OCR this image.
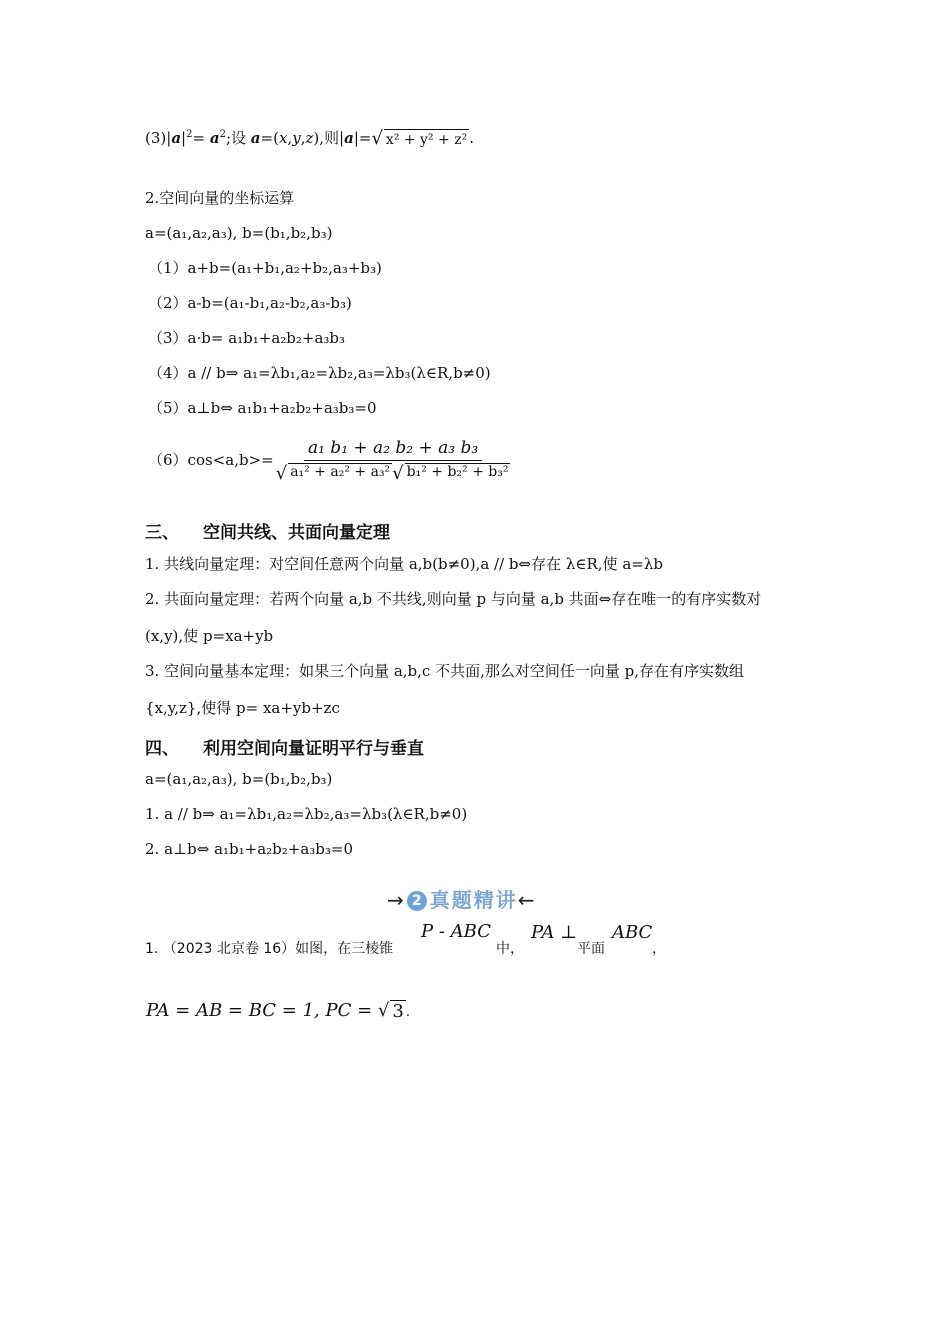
$(3)|a|^2= a^2$;设 a=(x,y,z),则|a|= √ x² + y² + z² .
2.空间向量的坐标运算
a=(a₁,a₂,a₃), b=(b₁,b₂,b₃)
（1）a+b=(a₁+b₁,a₂+b₂,a₃+b₃)
（2）a-b=(a₁-b₁,a₂-b₂,a₃-b₃)
（3）a·b= a₁b₁+a₂b₂+a₃b₃
（4）a // b⇒ a₁=λb₁,a₂=λb₂,a₃=λb₃(λ∈R,b≠0)
（5）a⊥b⇔ a₁b₁+a₂b₂+a₃b₃=0
$(6)\cos<a,b>= \frac{\text{a₁ b₁ + a₂ b₂ + a₃ b₃}}{\text{√ a₁² + a₂² + a₃² √ b₁² + b₂² + b₃²}}$
三、 空间共线、共面向量定理
1. 共线向量定理：对空间任意两个向量 a,b(b≠0),a // b⇔存在 λ∈R,使 a=λb
2. 共面向量定理：若两个向量 a,b 不共线,则向量 p 与向量 a,b 共面⇔存在唯一的有序实数对
(x,y),使 p=xa+yb
3. 空间向量基本定理：如果三个向量 a,b,c 不共面,那么对空间任一向量 p,存在有序实数组
{x,y,z},使得 p= xa+yb+zc
四、 利用空间向量证明平行与垂直
a=(a₁,a₂,a₃), b=(b₁,b₂,b₃)
1. a // b⇒ a₁=λb₁,a₂=λb₂,a₃=λb₃(λ∈R,b≠0)
2. a⊥b⇔ a₁b₁+a₂b₂+a₃b₃=0
→ 2 真题精讲←
1. （2023 北京卷 16）如图，在三棱锥
P - ABC
中，
PA ⊥
平面
ABC
，
PA = AB = BC = 1, PC = √ 3 .
